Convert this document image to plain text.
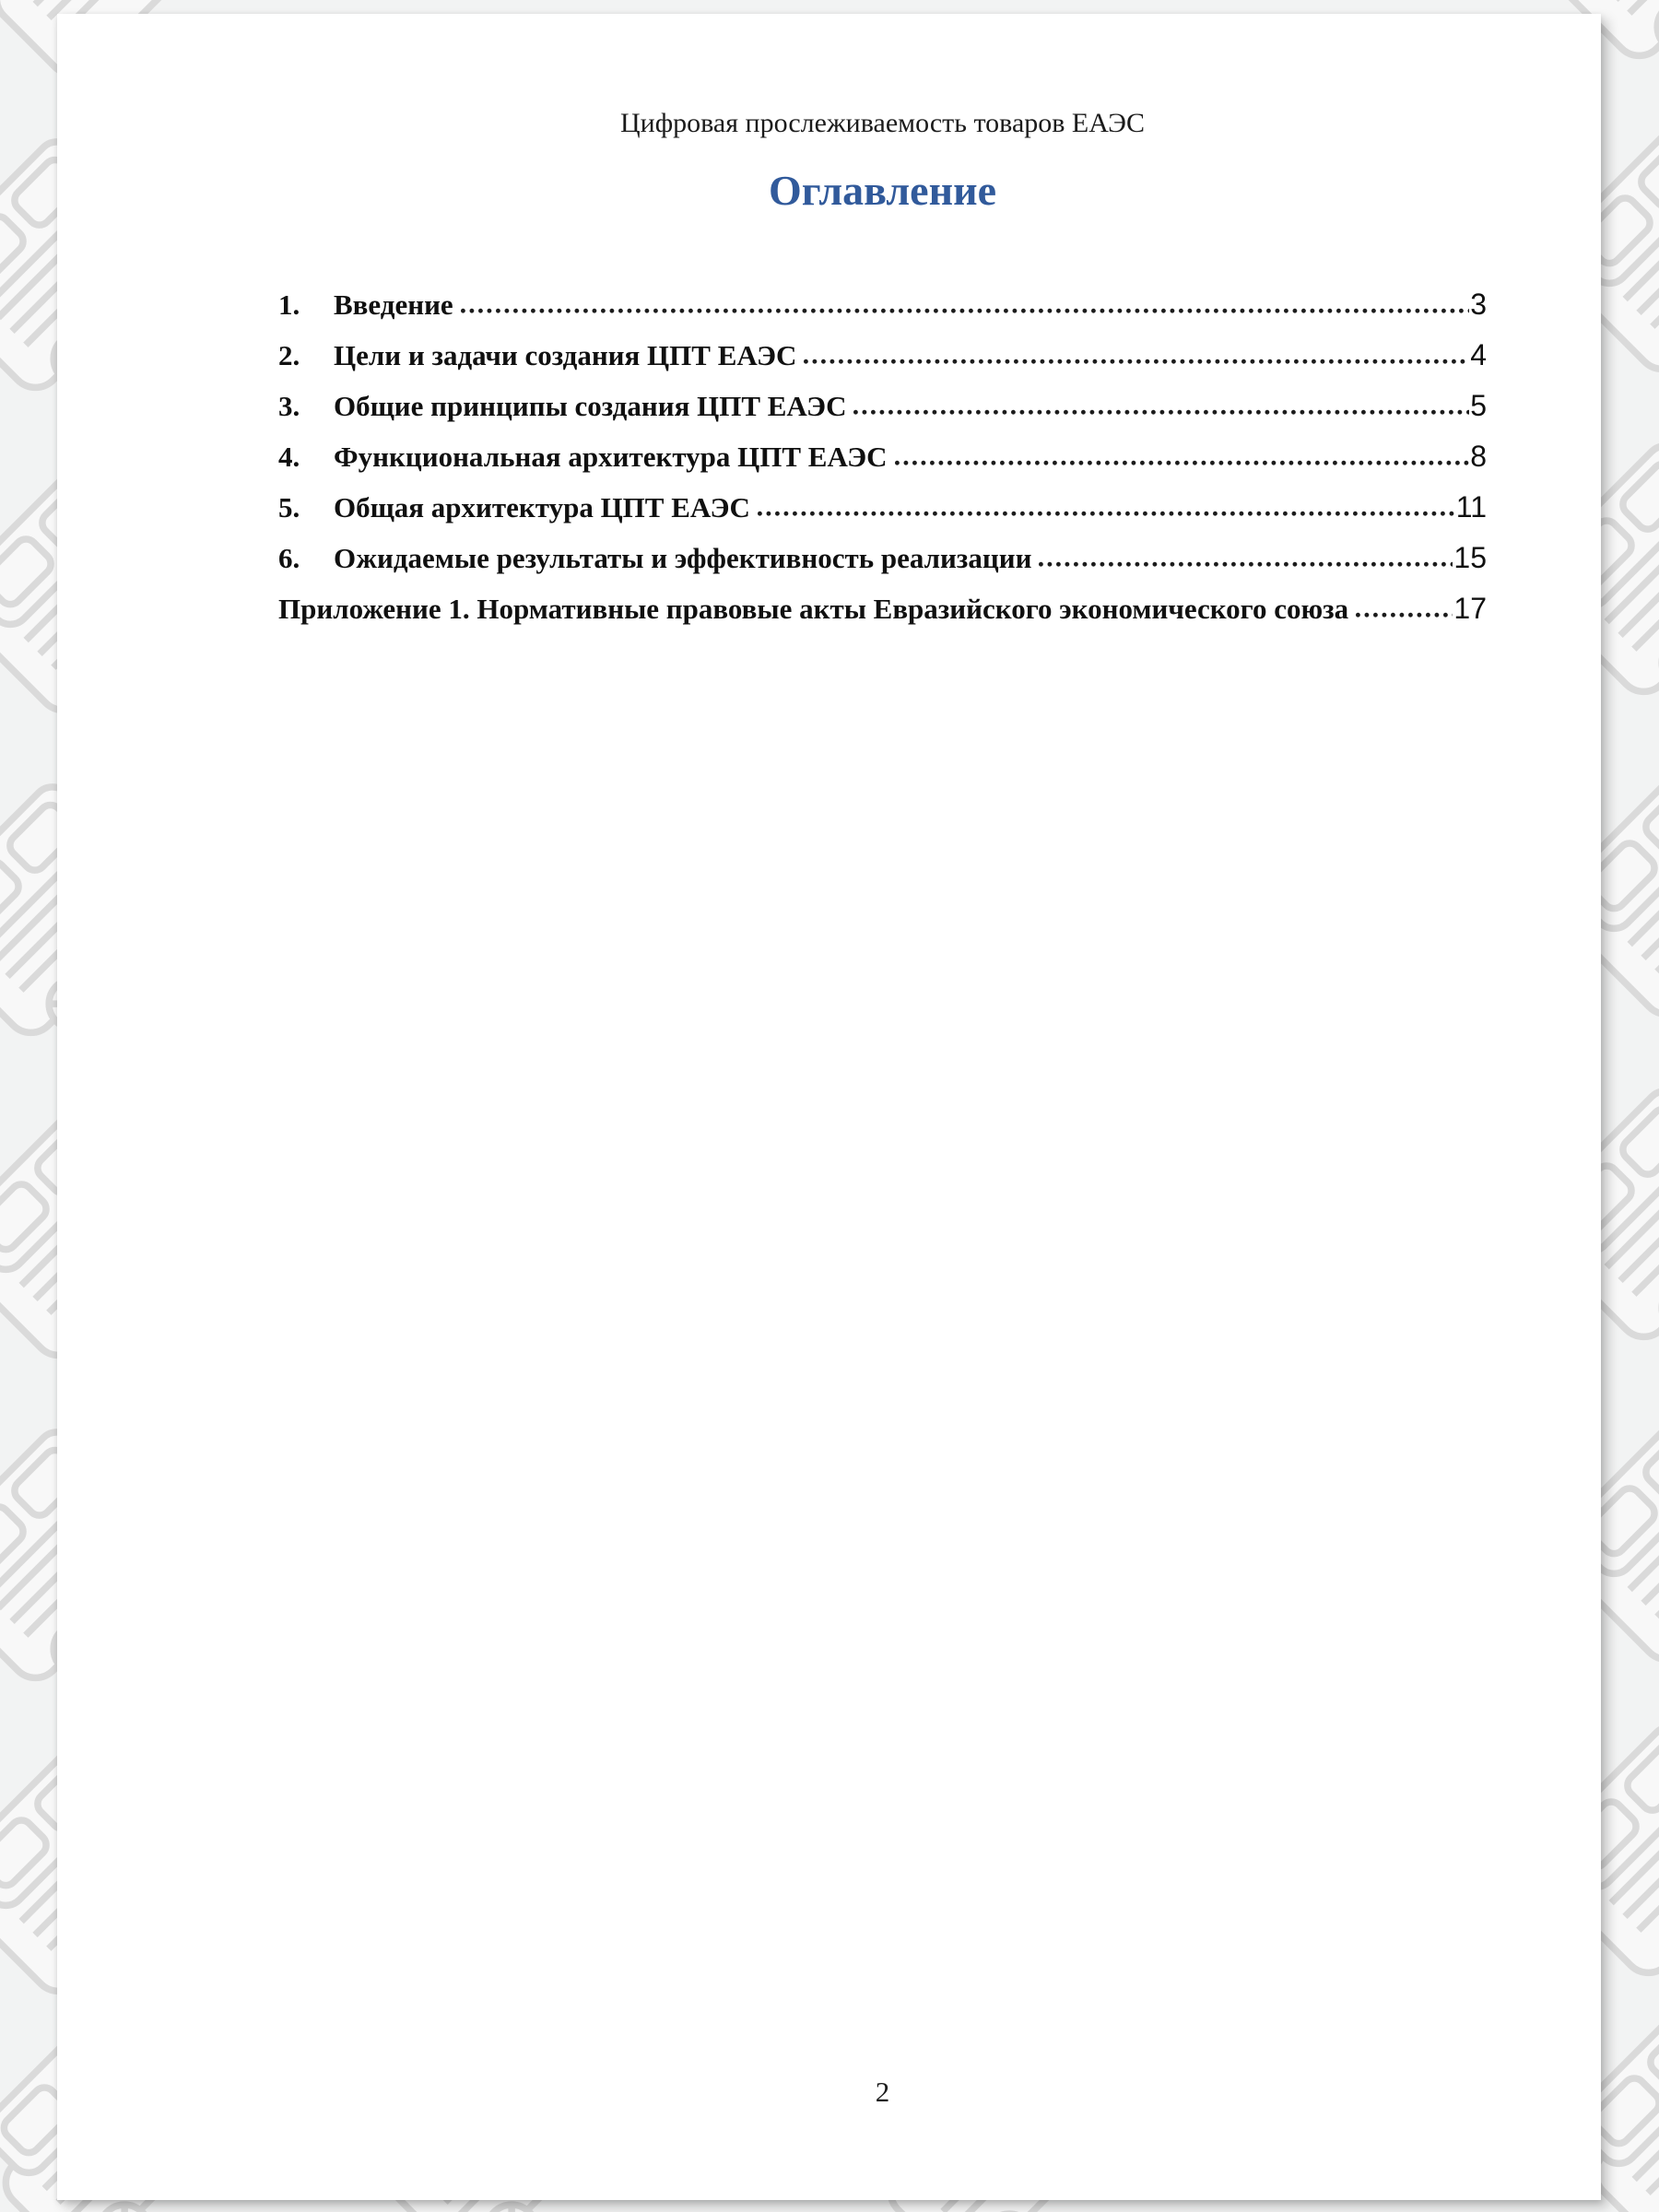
Цифровая прослеживаемость товаров ЕАЭС
Оглавление
1.	Введение	3
2.	Цели и задачи создания ЦПТ ЕАЭС	4
3.	Общие принципы создания ЦПТ ЕАЭС	5
4.	Функциональная архитектура ЦПТ ЕАЭС	8
5.	Общая архитектура ЦПТ ЕАЭС	11
6.	Ожидаемые результаты и эффективность реализации	15
Приложение 1. Нормативные правовые акты Евразийского экономического союза	17
2
